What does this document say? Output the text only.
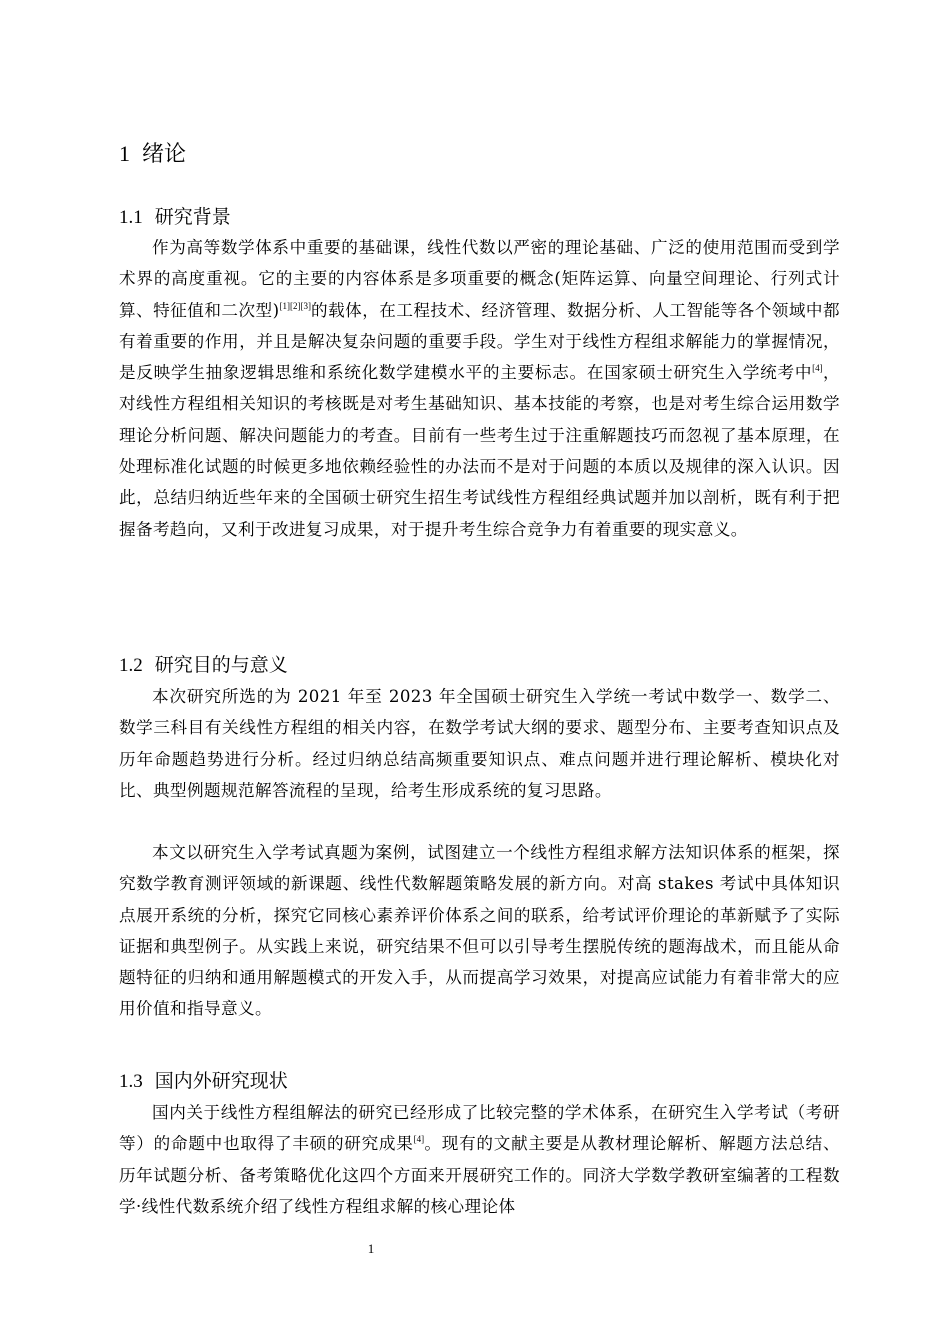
1 绪论
1.1 研究背景

作为高等数学体系中重要的基础课，线性代数以严密的理论基础、广泛的使用范围而受到学术界的高度重视。它的主要的内容体系是多项重要的概念(矩阵运算、向量空间理论、行列式计算、特征值和二次型)[1][2][3]的载体，在工程技术、经济管理、数据分析、人工智能等各个领域中都有着重要的作用，并且是解决复杂问题的重要手段。学生对于线性方程组求解能力的掌握情况，是反映学生抽象逻辑思维和系统化数学建模水平的主要标志。在国家硕士研究生入学统考中[4]，对线性方程组相关知识的考核既是对考生基础知识、基本技能的考察，也是对考生综合运用数学理论分析问题、解决问题能力的考查。目前有一些考生过于注重解题技巧而忽视了基本原理，在处理标准化试题的时候更多地依赖经验性的办法而不是对于问题的本质以及规律的深入认识。因此，总结归纳近些年来的全国硕士研究生招生考试线性方程组经典试题并加以剖析，既有利于把握备考趋向，又利于改进复习成果，对于提升考生综合竞争力有着重要的现实意义。

1.2 研究目的与意义

本次研究所选的为 2021 年至 2023 年全国硕士研究生入学统一考试中数学一、数学二、数学三科目有关线性方程组的相关内容，在数学考试大纲的要求、题型分布、主要考查知识点及历年命题趋势进行分析。经过归纳总结高频重要知识点、难点问题并进行理论解析、模块化对比、典型例题规范解答流程的呈现，给考生形成系统的复习思路。

本文以研究生入学考试真题为案例，试图建立一个线性方程组求解方法知识体系的框架，探究数学教育测评领域的新课题、线性代数解题策略发展的新方向。对高 stakes 考试中具体知识点展开系统的分析，探究它同核心素养评价体系之间的联系，给考试评价理论的革新赋予了实际证据和典型例子。从实践上来说，研究结果不但可以引导考生摆脱传统的题海战术，而且能从命题特征的归纳和通用解题模式的开发入手，从而提高学习效果，对提高应试能力有着非常大的应用价值和指导意义。

1.3 国内外研究现状

国内关于线性方程组解法的研究已经形成了比较完整的学术体系，在研究生入学考试（考研等）的命题中也取得了丰硕的研究成果[4]。现有的文献主要是从教材理论解析、解题方法总结、历年试题分析、备考策略优化这四个方面来开展研究工作的。同济大学数学教研室编著的工程数学·线性代数系统介绍了线性方程组求解的核心理论体

1
